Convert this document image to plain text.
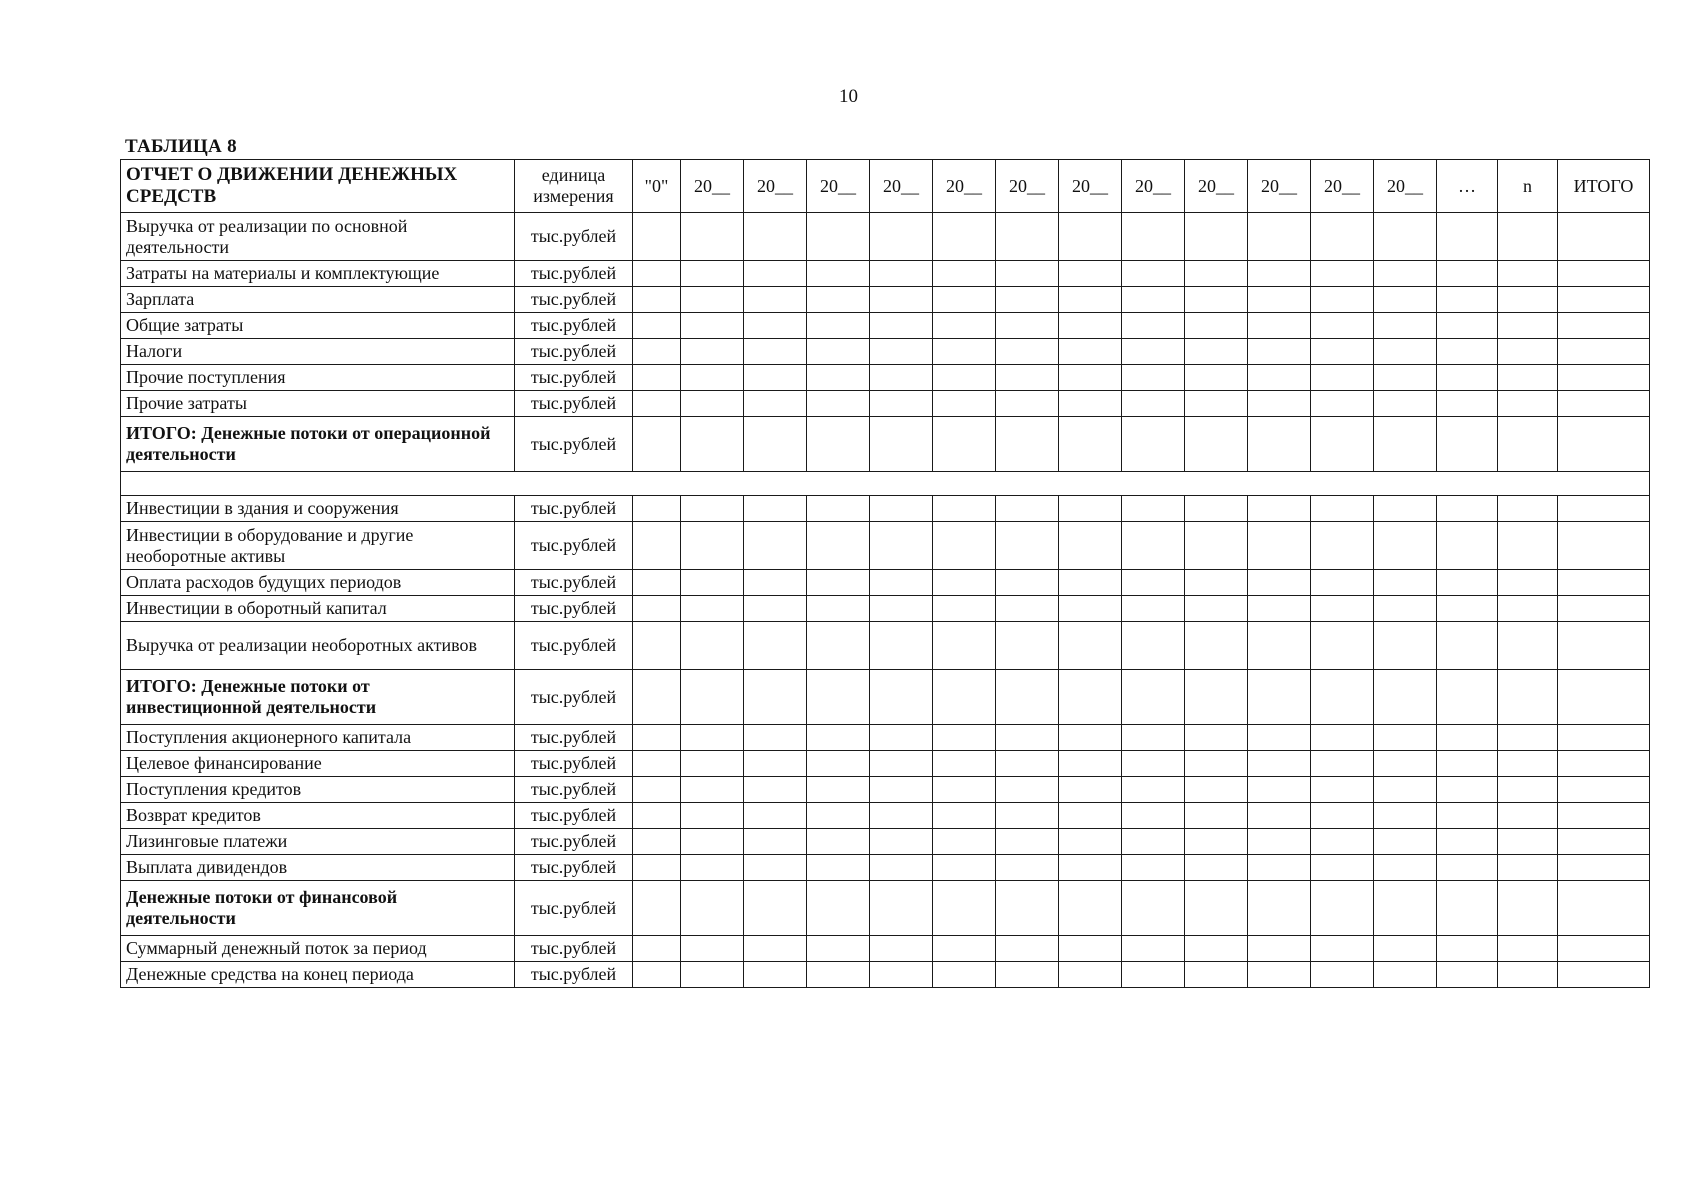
10
ТАБЛИЦА 8
ОТЧЕТ О ДВИЖЕНИИ ДЕНЕЖНЫХ СРЕДСТВ	единица измерения	"0"	20__	20__	20__	20__	20__	20__	20__	20__	20__	20__	20__	20__	…	n	ИТОГО
Выручка от реализации по основной деятельности	тыс.рублей																
Затраты на материалы и комплектующие	тыс.рублей																
Зарплата	тыс.рублей																
Общие затраты	тыс.рублей																
Налоги	тыс.рублей																
Прочие поступления	тыс.рублей																
Прочие затраты	тыс.рублей																
ИТОГО: Денежные потоки от операционной деятельности	тыс.рублей																

Инвестиции в здания и сооружения	тыс.рублей																
Инвестиции в оборудование и другие необоротные активы	тыс.рублей																
Оплата расходов будущих периодов	тыс.рублей																
Инвестиции в оборотный капитал	тыс.рублей																
Выручка от реализации необоротных активов	тыс.рублей																
ИТОГО: Денежные потоки от инвестиционной деятельности	тыс.рублей																
Поступления акционерного капитала	тыс.рублей																
Целевое финансирование	тыс.рублей																
Поступления кредитов	тыс.рублей																
Возврат кредитов	тыс.рублей																
Лизинговые платежи	тыс.рублей																
Выплата дивидендов	тыс.рублей																
Денежные потоки от финансовой деятельности	тыс.рублей																
Суммарный денежный поток за период	тыс.рублей																
Денежные средства на конец периода	тыс.рублей																
